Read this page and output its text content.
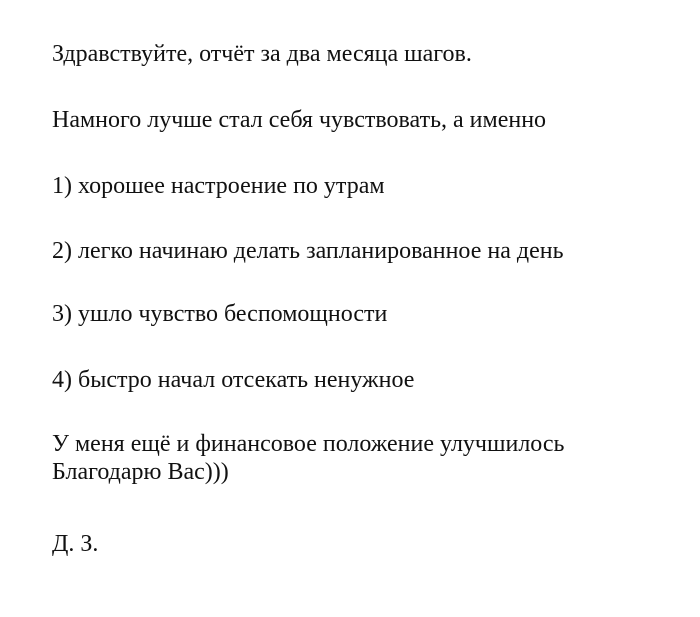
Здравствуйте, отчёт за два месяца шагов.

Намного лучше стал себя чувствовать, а именно

1) хорошее настроение по утрам

2) легко начинаю делать запланированное на день

3) ушло чувство беспомощности

4) быстро начал отсекать ненужное

У меня ещё и финансовое положение улучшилось
Благодарю Вас)))

Д. З.
